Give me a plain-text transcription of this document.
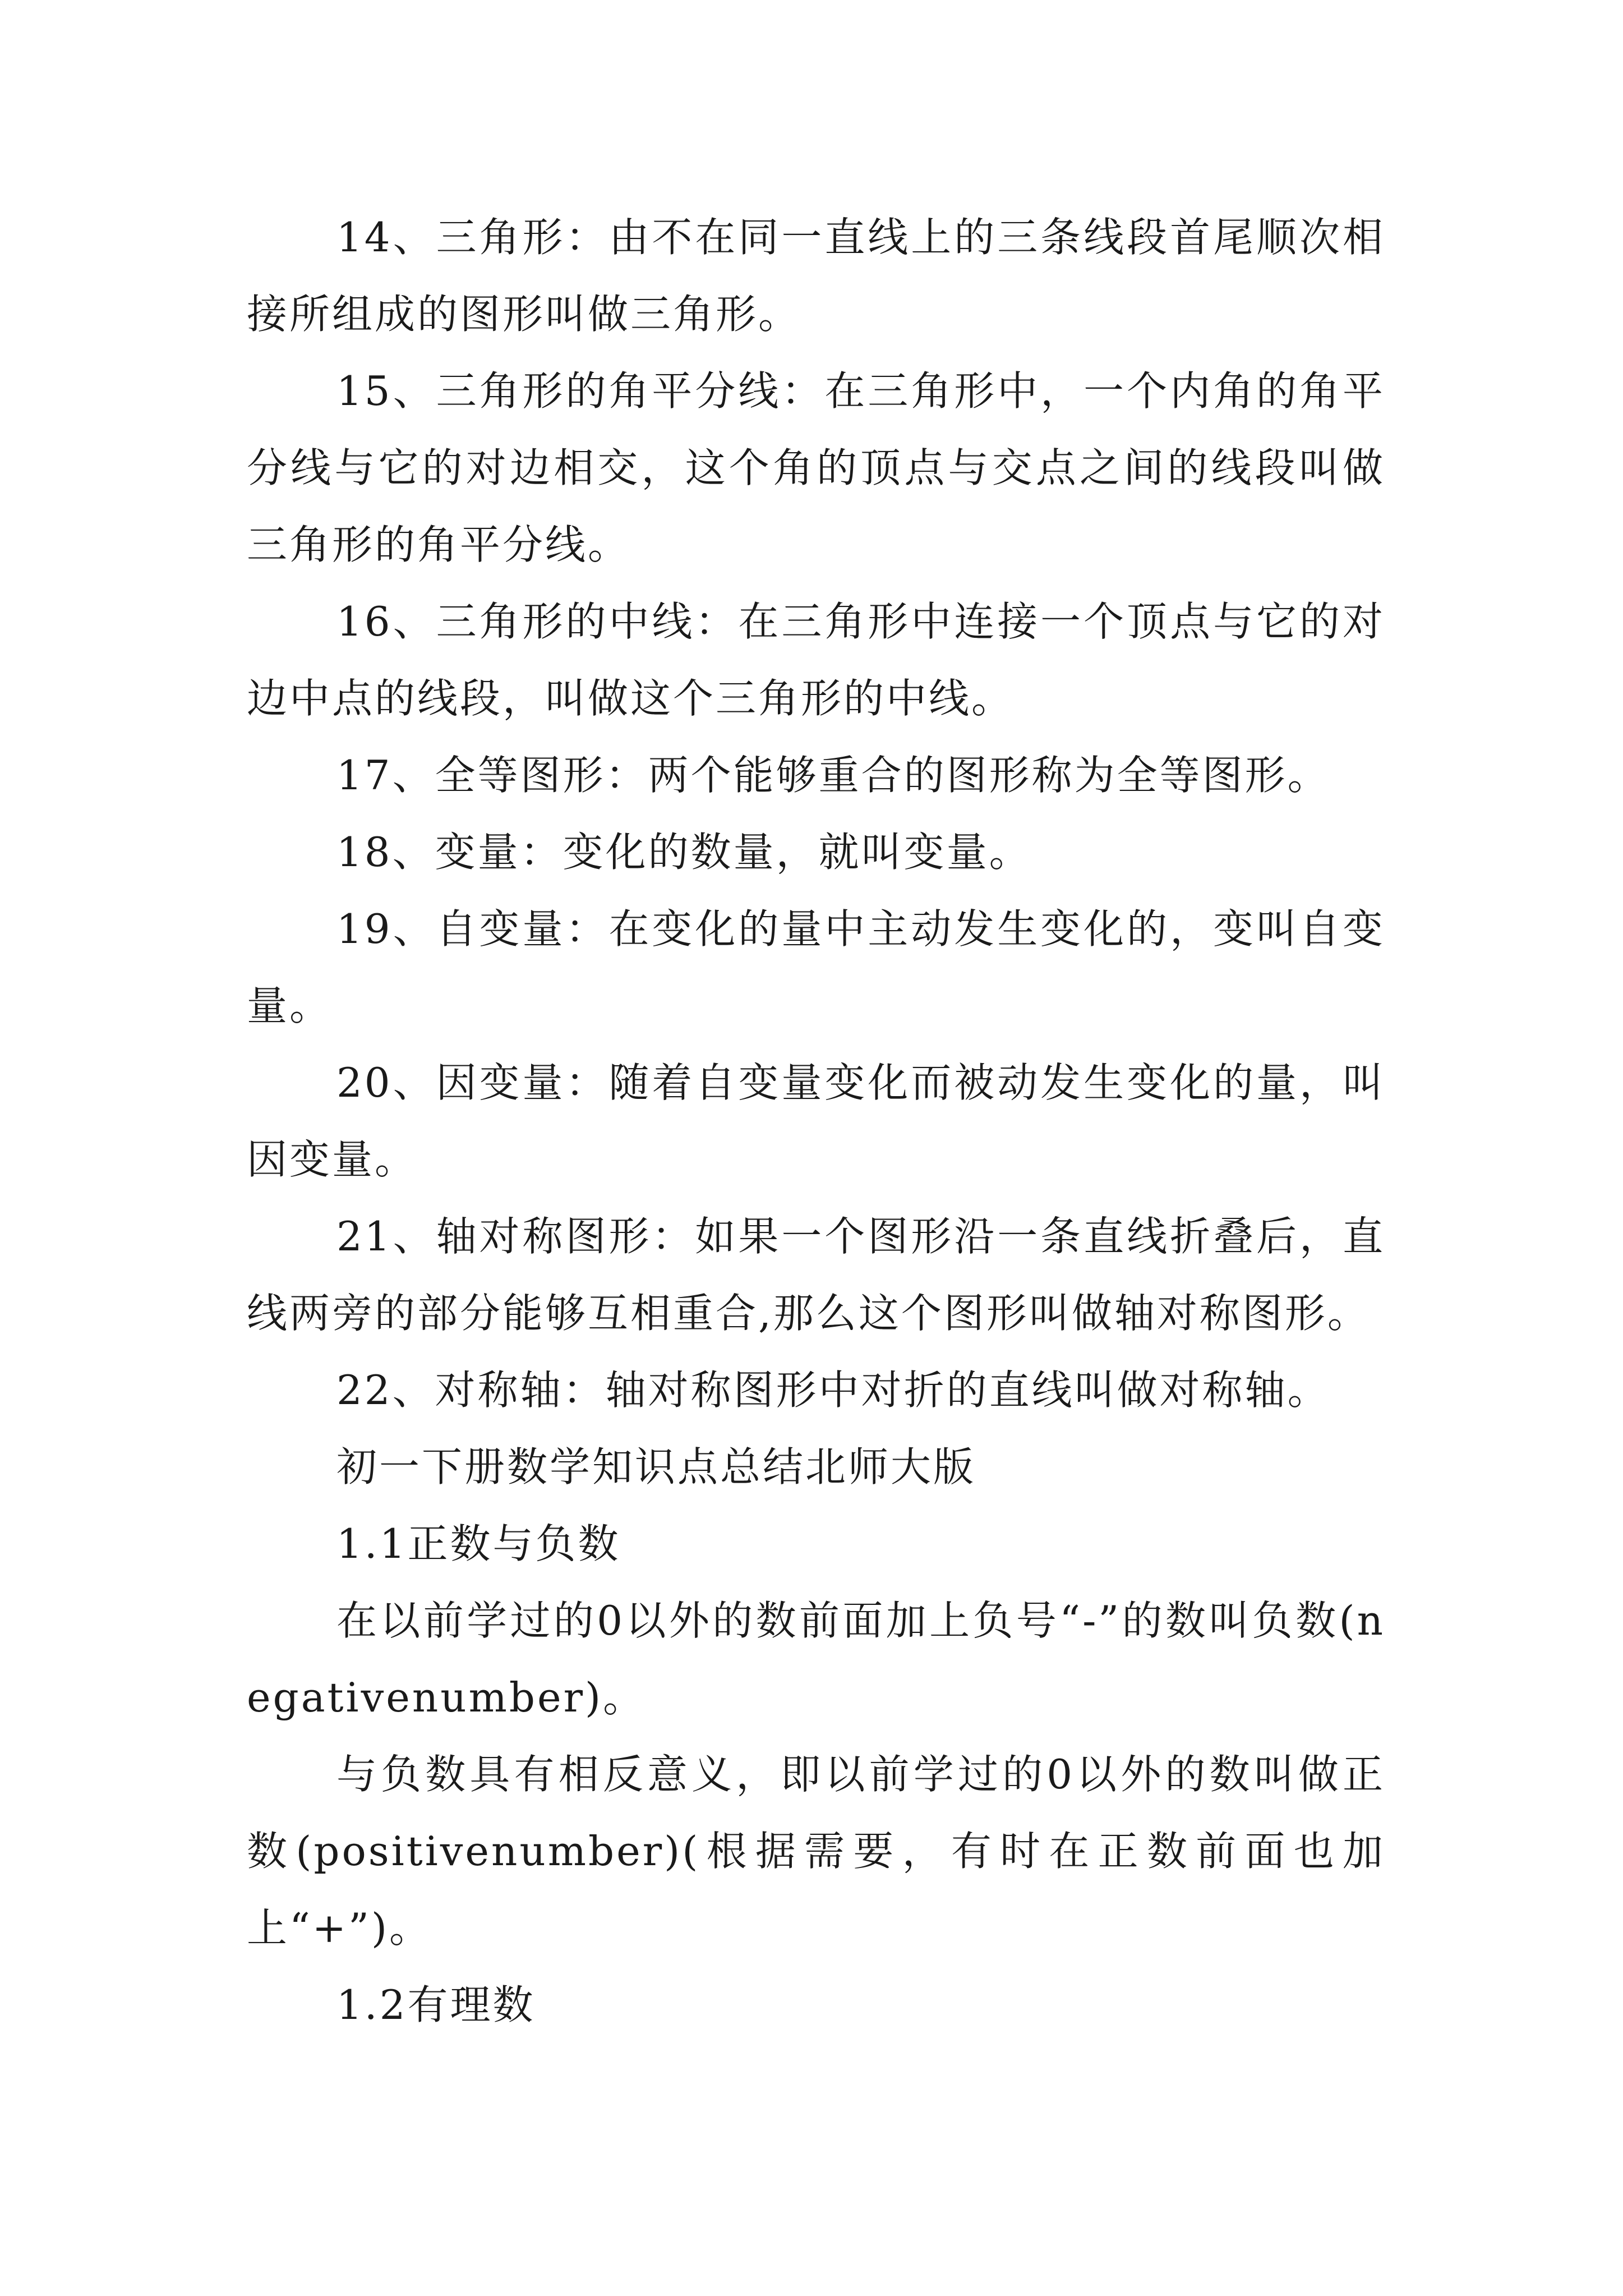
14、三角形：由不在同一直线上的三条线段首尾顺次相接所组成的图形叫做三角形。

15、三角形的角平分线：在三角形中，一个内角的角平分线与它的对边相交，这个角的顶点与交点之间的线段叫做三角形的角平分线。

16、三角形的中线：在三角形中连接一个顶点与它的对边中点的线段，叫做这个三角形的中线。

17、全等图形：两个能够重合的图形称为全等图形。

18、变量：变化的数量，就叫变量。

19、自变量：在变化的量中主动发生变化的，变叫自变量。

20、因变量：随着自变量变化而被动发生变化的量，叫因变量。

21、轴对称图形：如果一个图形沿一条直线折叠后，直线两旁的部分能够互相重合,那么这个图形叫做轴对称图形。

22、对称轴：轴对称图形中对折的直线叫做对称轴。

初一下册数学知识点总结北师大版

1.1正数与负数

在以前学过的0以外的数前面加上负号“-”的数叫负数(negativenumber)。

与负数具有相反意义，即以前学过的0以外的数叫做正数(positivenumber)(根据需要，有时在正数前面也加上“+”)。

1.2有理数
